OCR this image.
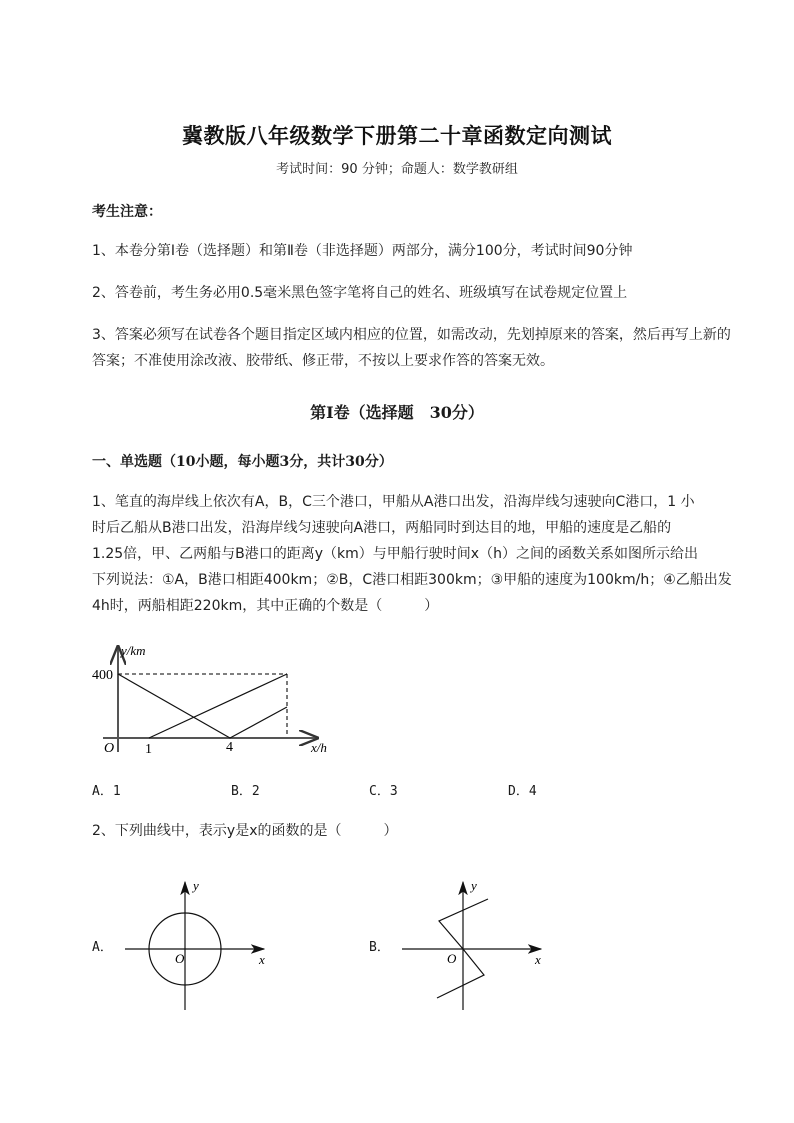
冀教版八年级数学下册第二十章函数定向测试
考试时间：90 分钟；命题人：数学教研组
考生注意：
1、本卷分第Ⅰ卷（选择题）和第Ⅱ卷（非选择题）两部分，满分100分，考试时间90分钟
2、答卷前，考生务必用0.5毫米黑色签字笔将自己的姓名、班级填写在试卷规定位置上
3、答案必须写在试卷各个题目指定区域内相应的位置，如需改动，先划掉原来的答案，然后再写上新的答案；不准使用涂改液、胶带纸、修正带，不按以上要求作答的答案无效。
第Ⅰ卷（选择题　30分）
一、单选题（10小题，每小题3分，共计30分）
1、笔直的海岸线上依次有A，B，C三个港口，甲船从A港口出发，沿海岸线匀速驶向C港口，1 小
时后乙船从B港口出发，沿海岸线匀速驶向A港口，两船同时到达目的地，甲船的速度是乙船的
1.25倍，甲、乙两船与B港口的距离y（km）与甲船行驶时间x（h）之间的函数关系如图所示给出
下列说法：①A，B港口相距400km；②B，C港口相距300km；③甲船的速度为100km/h；④乙船出发
4h时，两船相距220km，其中正确的个数是（　　　）
y/km
400
O 1	4	x/h
y
x
O
y
x
O
A．1	B．2	C．3	D．4
2、下列曲线中，表示y是x的函数的是（　　　）
A．	B．
